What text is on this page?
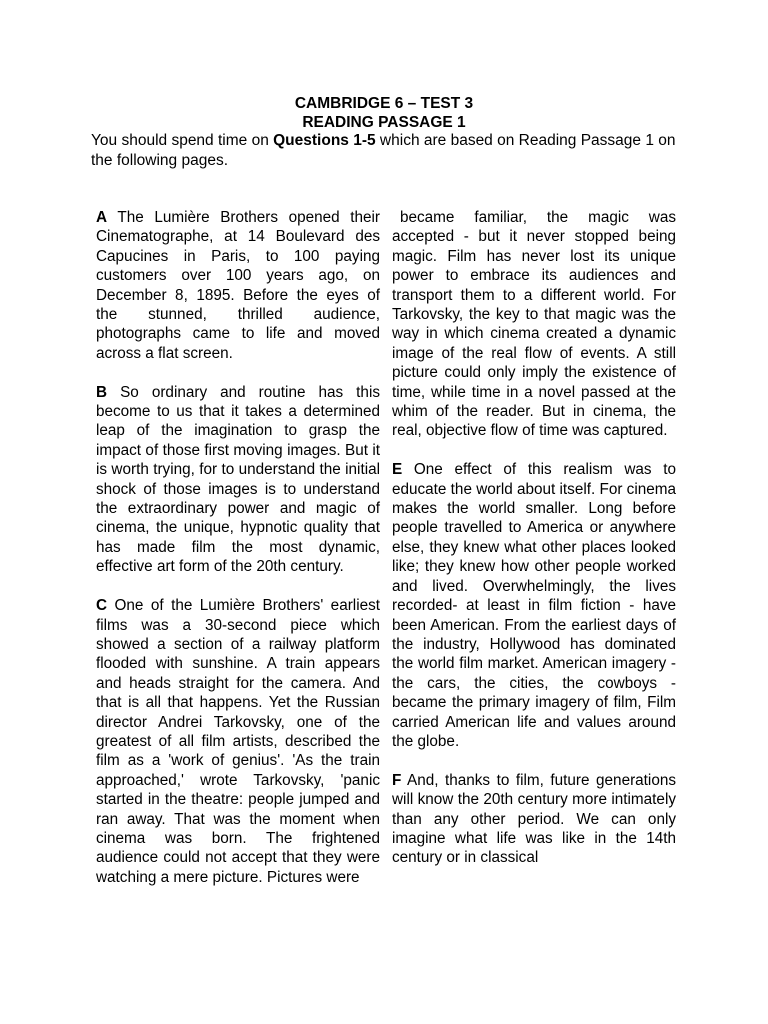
CAMBRIDGE 6 – TEST 3
READING PASSAGE 1
You should spend time on Questions 1-5 which are based on Reading Passage 1 on the following pages.

A The Lumière Brothers opened their Cinematographe, at 14 Boulevard des Capucines in Paris, to 100 paying customers over 100 years ago, on December 8, 1895. Before the eyes of the stunned, thrilled audience, photographs came to life and moved across a flat screen.

B So ordinary and routine has this become to us that it takes a determined leap of the imagination to grasp the impact of those first moving images. But it is worth trying, for to understand the initial shock of those images is to understand the extraordinary power and magic of cinema, the unique, hypnotic quality that has made film the most dynamic, effective art form of the 20th century.

C One of the Lumière Brothers' earliest films was a 30-second piece which showed a section of a railway platform flooded with sunshine. A train appears and heads straight for the camera. And that is all that happens. Yet the Russian director Andrei Tarkovsky, one of the greatest of all film artists, described the film as a 'work of genius'. 'As the train approached,' wrote Tarkovsky, 'panic started in the theatre: people jumped and ran away. That was the moment when cinema was born. The frightened audience could not accept that they were watching a mere picture. Pictures were

became familiar, the magic was accepted - but it never stopped being magic. Film has never lost its unique power to embrace its audiences and transport them to a different world. For Tarkovsky, the key to that magic was the way in which cinema created a dynamic image of the real flow of events. A still picture could only imply the existence of time, while time in a novel passed at the whim of the reader. But in cinema, the real, objective flow of time was captured.

E One effect of this realism was to educate the world about itself. For cinema makes the world smaller. Long before people travelled to America or anywhere else, they knew what other places looked like; they knew how other people worked and lived. Overwhelmingly, the lives recorded- at least in film fiction - have been American. From the earliest days of the industry, Hollywood has dominated the world film market. American imagery - the cars, the cities, the cowboys - became the primary imagery of film, Film carried American life and values around the globe.

F And, thanks to film, future generations will know the 20th century more intimately than any other period. We can only imagine what life was like in the 14th century or in classical
